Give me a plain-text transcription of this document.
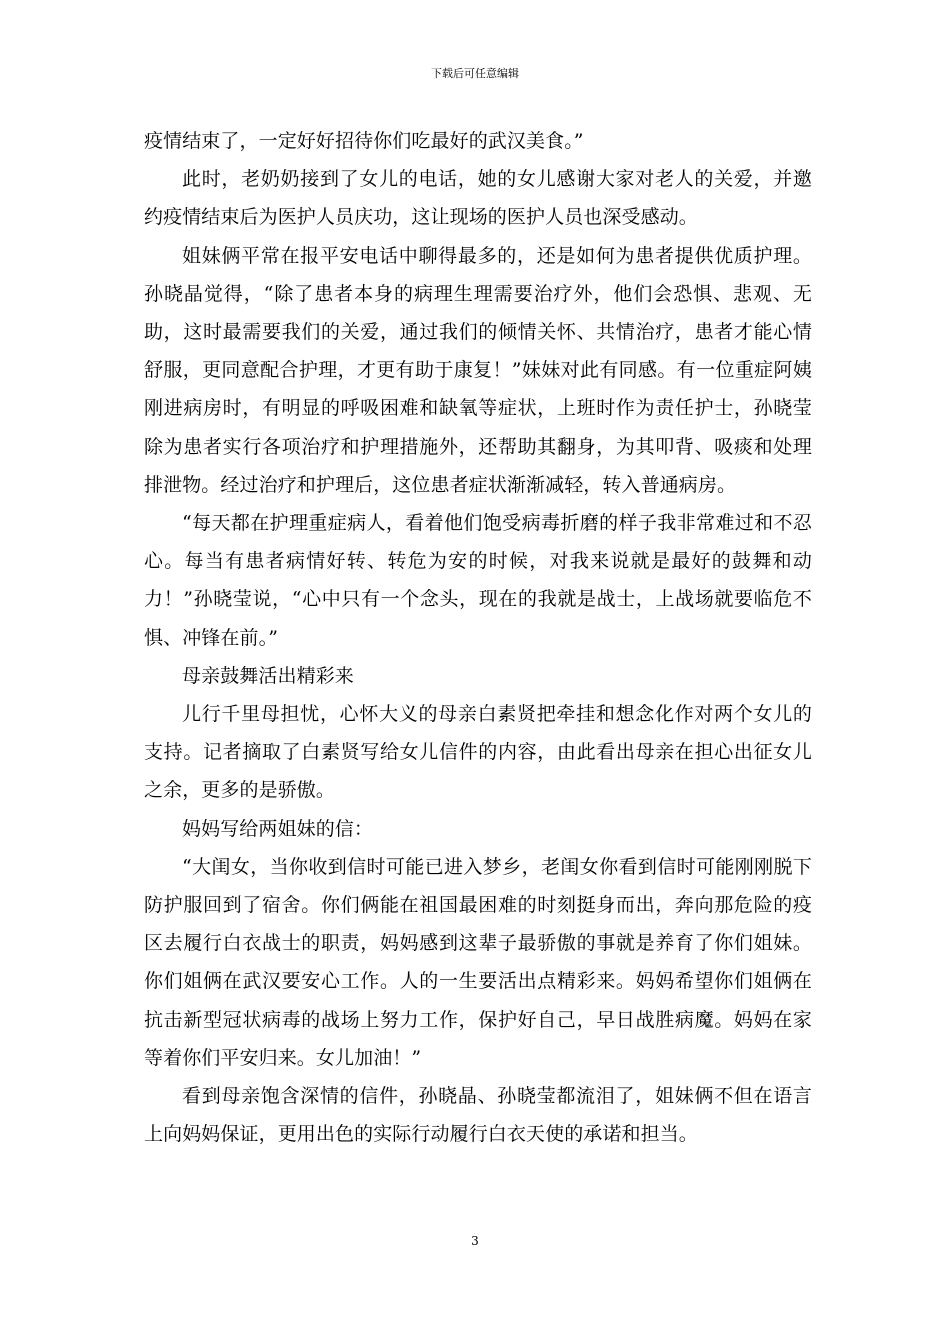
下载后可任意编辑

疫情结束了，一定好好招待你们吃最好的武汉美食。”

此时，老奶奶接到了女儿的电话，她的女儿感谢大家对老人的关爱，并邀约疫情结束后为医护人员庆功，这让现场的医护人员也深受感动。

姐妹俩平常在报平安电话中聊得最多的，还是如何为患者提供优质护理。孙晓晶觉得，“除了患者本身的病理生理需要治疗外，他们会恐惧、悲观、无助，这时最需要我们的关爱，通过我们的倾情关怀、共情治疗，患者才能心情舒服，更同意配合护理，才更有助于康复！”妹妹对此有同感。有一位重症阿姨刚进病房时，有明显的呼吸困难和缺氧等症状，上班时作为责任护士，孙晓莹除为患者实行各项治疗和护理措施外，还帮助其翻身，为其叩背、吸痰和处理排泄物。经过治疗和护理后，这位患者症状渐渐减轻，转入普通病房。

“每天都在护理重症病人，看着他们饱受病毒折磨的样子我非常难过和不忍心。每当有患者病情好转、转危为安的时候，对我来说就是最好的鼓舞和动力！”孙晓莹说，“心中只有一个念头，现在的我就是战士，上战场就要临危不惧、冲锋在前。”

母亲鼓舞活出精彩来

儿行千里母担忧，心怀大义的母亲白素贤把牵挂和想念化作对两个女儿的支持。记者摘取了白素贤写给女儿信件的内容，由此看出母亲在担心出征女儿之余，更多的是骄傲。

妈妈写给两姐妹的信：

“大闺女，当你收到信时可能已进入梦乡，老闺女你看到信时可能刚刚脱下防护服回到了宿舍。你们俩能在祖国最困难的时刻挺身而出，奔向那危险的疫区去履行白衣战士的职责，妈妈感到这辈子最骄傲的事就是养育了你们姐妹。你们姐俩在武汉要安心工作。人的一生要活出点精彩来。妈妈希望你们姐俩在抗击新型冠状病毒的战场上努力工作，保护好自己，早日战胜病魔。妈妈在家等着你们平安归来。女儿加油！”

看到母亲饱含深情的信件，孙晓晶、孙晓莹都流泪了，姐妹俩不但在语言上向妈妈保证，更用出色的实际行动履行白衣天使的承诺和担当。

3
